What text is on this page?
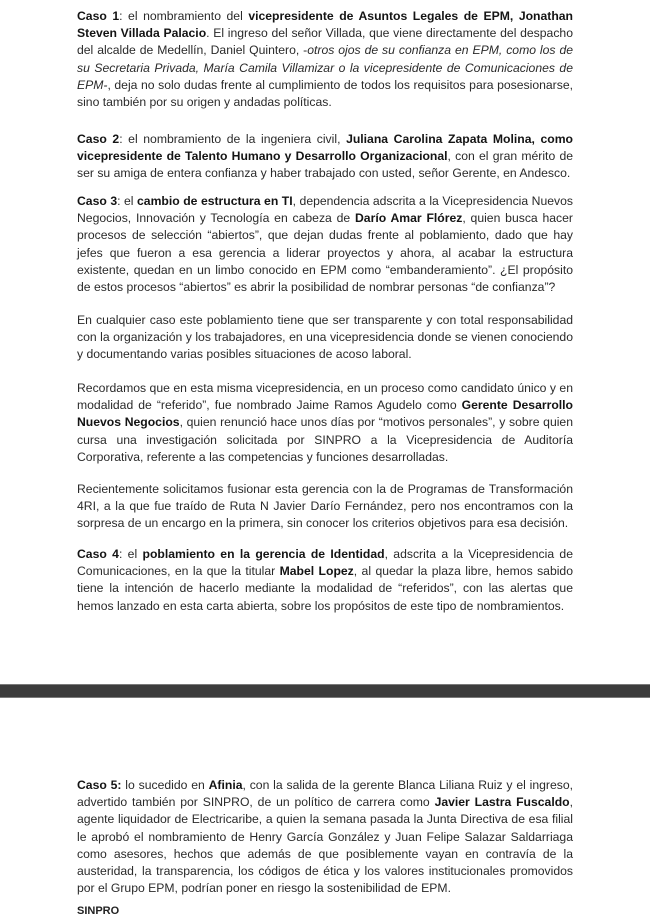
Caso 1: el nombramiento del vicepresidente de Asuntos Legales de EPM, Jonathan Steven Villada Palacio. El ingreso del señor Villada, que viene directamente del despacho del alcalde de Medellín, Daniel Quintero, -otros ojos de su confianza en EPM, como los de su Secretaria Privada, María Camila Villamizar o la vicepresidente de Comunicaciones de EPM-, deja no solo dudas frente al cumplimiento de todos los requisitos para posesionarse, sino también por su origen y andadas políticas.

Caso 2: el nombramiento de la ingeniera civil, Juliana Carolina Zapata Molina, como vicepresidente de Talento Humano y Desarrollo Organizacional, con el gran mérito de ser su amiga de entera confianza y haber trabajado con usted, señor Gerente, en Andesco.

Caso 3: el cambio de estructura en TI, dependencia adscrita a la Vicepresidencia Nuevos Negocios, Innovación y Tecnología en cabeza de Darío Amar Flórez, quien busca hacer procesos de selección “abiertos”, que dejan dudas frente al poblamiento, dado que hay jefes que fueron a esa gerencia a liderar proyectos y ahora, al acabar la estructura existente, quedan en un limbo conocido en EPM como “embanderamiento”. ¿El propósito de estos procesos “abiertos” es abrir la posibilidad de nombrar personas “de confianza”?

En cualquier caso este poblamiento tiene que ser transparente y con total responsabilidad con la organización y los trabajadores, en una vicepresidencia donde se vienen conociendo y documentando varias posibles situaciones de acoso laboral.

Recordamos que en esta misma vicepresidencia, en un proceso como candidato único y en modalidad de “referido”, fue nombrado Jaime Ramos Agudelo como Gerente Desarrollo Nuevos Negocios, quien renunció hace unos días por “motivos personales”, y sobre quien cursa una investigación solicitada por SINPRO a la Vicepresidencia de Auditoría Corporativa, referente a las competencias y funciones desarrolladas.

Recientemente solicitamos fusionar esta gerencia con la de Programas de Transformación 4RI, a la que fue traído de Ruta N Javier Darío Fernández, pero nos encontramos con la sorpresa de un encargo en la primera, sin conocer los criterios objetivos para esa decisión.

Caso 4: el poblamiento en la gerencia de Identidad, adscrita a la Vicepresidencia de Comunicaciones, en la que la titular Mabel Lopez, al quedar la plaza libre, hemos sabido tiene la intención de hacerlo mediante la modalidad de “referidos”, con las alertas que hemos lanzado en esta carta abierta, sobre los propósitos de este tipo de nombramientos.

Caso 5: lo sucedido en Afinia, con la salida de la gerente Blanca Liliana Ruiz y el ingreso, advertido también por SINPRO, de un político de carrera como Javier Lastra Fuscaldo, agente liquidador de Electricaribe, a quien la semana pasada la Junta Directiva de esa filial le aprobó el nombramiento de Henry García González y Juan Felipe Salazar Saldarriaga como asesores, hechos que además de que posiblemente vayan en contravía de la austeridad, la transparencia, los códigos de ética y los valores institucionales promovidos por el Grupo EPM, podrían poner en riesgo la sostenibilidad de EPM.

SINPRO
